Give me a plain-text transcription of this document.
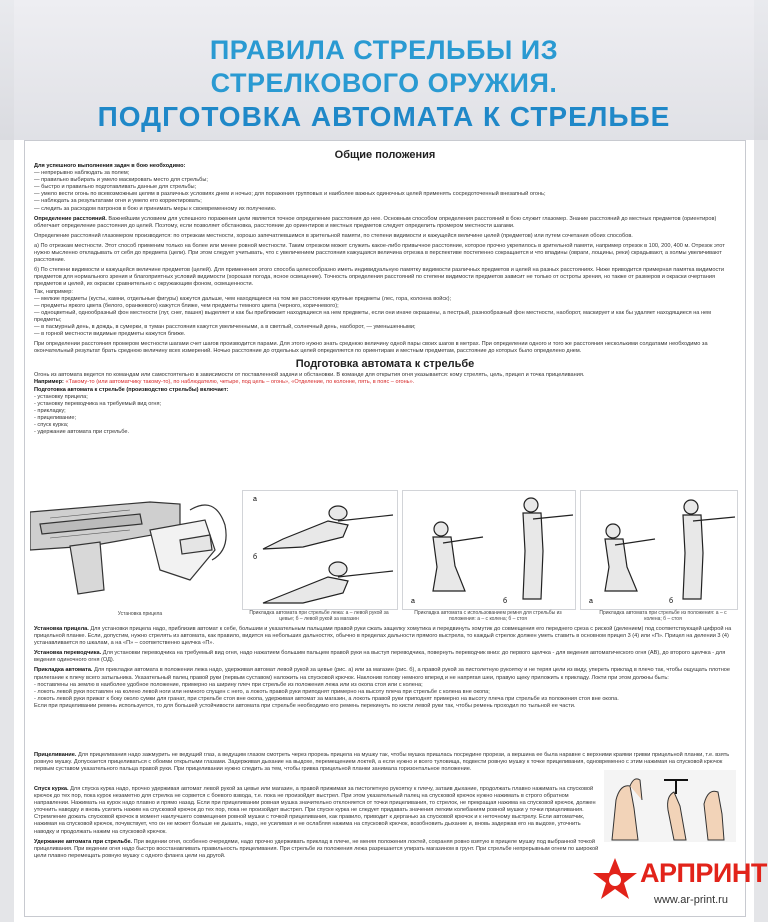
ПРАВИЛА СТРЕЛЬБЫ ИЗ
СТРЕЛКОВОГО ОРУЖИЯ.
ПОДГОТОВКА АВТОМАТА К СТРЕЛЬБЕ
Общие положения
Для успешного выполнения задач в бою необходимо:
— непрерывно наблюдать за полем;
— правильно выбирать и умело маскировать место для стрельбы;
— быстро и правильно подготавливать данные для стрельбы;
— умело вести огонь по всевозможным целям в различных условиях днем и ночью; для поражения групповых и наиболее важных одиночных целей применять сосредоточенный внезапный огонь;
— наблюдать за результатами огня и умело его корректировать;
— следить за расходом патронов в бою и принимать меры к своевременному их получению.
Определение расстояний. Важнейшим условием для успешного поражения цели является точное определение расстояния до нее. Основным способом определения расстояний в бою служит глазомер. Знание расстояний до местных предметов (ориентиров) облегчает определение расстояния до целей. Поэтому, если позволяет обстановка, расстояние до ориентиров и местных предметов следует определить промером местности шагами.
Определение расстояний глазомером производится: по отрезкам местности, хорошо запечатлевшимся в зрительной памяти, по степени видимости и кажущейся величине целей (предметов) или путем сочетания обоих способов.
а) По отрезкам местности. Этот способ применим только на более или менее ровной местности. Таким отрезком может служить какое-либо привычное расстояние, которое прочно укрепилось в зрительной памяти, например отрезок в 100, 200, 400 м. Отрезок этот нужно мысленно откладывать от себя до предмета (цели). При этом следует учитывать, что с увеличением расстояния кажущаяся величина отрезка в перспективе постепенно сокращается и что впадины (овраги, лощины, реки) скрадывают, а холмы увеличивают расстояние.
б) По степени видимости и кажущейся величине предметов (целей). Для применения этого способа целесообразно иметь индивидуальную памятку видимости различных предметов и целей на разных расстояниях. Ниже приводится примерная памятка видимости предметов для нормального зрения и благоприятных условий видимости (хорошая погода, ясное освещение). Точность определения расстояний по степени видимости предметов зависит не только от остроты зрения, но также от размеров и окраски очертания предметов и целей, их окраски сравнительно с окружающим фоном, освещенности.
Так, например:
— мелкие предметы (кусты, камни, отдельные фигуры) кажутся дальше, чем находящиеся на том же расстоянии крупные предметы (лес, гора, колонна войск);
— предметы яркого цвета (белого, оранжевого) кажутся ближе, чем предметы темного цвета (черного, коричневого);
— одноцветный, однообразный фон местности (луг, снег, пашня) выделяет и как бы приближает находящиеся на нем предметы, если они иначе окрашены, а пестрый, разнообразный фон местности, наоборот, маскирует и как бы удаляет находящиеся на нем предметы;
— в пасмурный день, в дождь, в сумерки, в туман расстояния кажутся увеличенными, а в светлый, солнечный день, наоборот, — уменьшенными;
— в горной местности видимые предметы кажутся ближе.
При определении расстояния промером местности шагами счет шагов производится парами. Для этого нужно знать среднюю величину одной пары своих шагов в метрах. При определении одного и того же расстояния несколькими солдатами необходимо за окончательный результат брать среднюю величину всех измерений. Ночью расстояние до отдельных целей определяется по ориентирам и местным предметам, расстояние до которых было определено днем.
Подготовка автомата к стрельбе
Огонь из автомата ведется по командам или самостоятельно в зависимости от поставленной задачи и обстановки. В команде для открытия огня указывается: кому стрелять, цель, прицел и точка прицеливания.
Например: «Такому-то (или автоматчику такому-то), по наблюдателю, четыре, под цель – огонь», «Отделение, по колонне, пять, в пояс – огонь».
Подготовка автомата к стрельбе (производство стрельбы) включает:
- установку прицела;
- установку переводчика на требуемый вид огня;
- прикладку;
- прицеливание;
- спуск курка;
- удержание автомата при стрельбе.
Установка прицела
а
б
Прикладка автомата при стрельбе лежа: а – левой рукой за цевье; б – левой рукой за магазин
а	б
Прикладка автомата с использованием ремня для стрельбы из положения: а – с колена; б – стоя
а	б
Прикладка автомата при стрельбе из положения: а – с колена; б – стоя
Установка прицела. Для установки прицела надо, приблизив автомат к себе, большим и указательным пальцами правой руки сжать защелку хомутика и передвинуть хомутик до совмещения его переднего среза с риской (делением) под соответствующей цифрой на прицельной планке. Если, допустим, нужно стрелять из автомата, как правило, видится на небольших дальностях, обычно в пределах дальности прямого выстрела, то каждый стрелок должен уметь ставить в основном прицел 3 (4) или «П». Прицел на делении 3 (4) устанавливается по шкалам, а на «П» – соответственно щелчка «П».
Установка переводчика. Для установки переводчика на требуемый вид огня, надо нажатием большим пальцем правой руки на выступ переводчика, повернуть переводчик вниз: до первого щелчка - для ведения автоматического огня (АВ), до второго щелчка - для ведения одиночного огня (ОД).
Прикладка автомата. Для прикладки автомата в положении лежа надо, удерживая автомат левой рукой за цевье (рис. а) или за магазин (рис. б), а правой рукой за пистолетную рукоятку и не теряя цели из виду, упереть приклад в плечо так, чтобы ощущать плотное прилегание к плечу всего затыльника. Указательный палец правой руки (первым суставом) наложить на спусковой крючок. Наклонив голову немного вперед и не напрягая шеи, правую щеку приложить к прикладу. Локти при этом должны быть:
- поставлены на землю в наиболее удобное положение, примерно на ширину плеч при стрельбе из положения лежа или из окопа стоя или с колена;
- локоть левой руки поставлен на колено левой ноги или немного спущен с него, а локоть правой руки приподнят примерно на высоту плеча при стрельбе с колена вне окопа;
- локоть левой руки прижат к боку около сумки для гранат, при стрельбе стоя вне окопа, удерживая автомат за магазин, а локоть правой руки приподнят примерно на высоту плеча при стрельбе из положения стоя вне окопа.
Если при прицеливании ремень используется, то для большей устойчивости автомата при стрельбе необходимо его ремень перекинуть по кисти левой руки так, чтобы ремень проходил по тыльной ее части.
Прицеливание. Для прицеливания надо зажмурить не ведущий глаз, а ведущим глазом смотреть через прорезь прицела на мушку так, чтобы мушка пришлась посредине прорези, а вершина ее была наравне с верхними краями гривки прицельной планки, т.е. взять ровную мушку. Допускается прицеливаться с обоими открытыми глазами. Задерживая дыхание на выдохе, перемещением локтей, а если нужно и всего туловища, подвести ровную мушку к точке прицеливания, одновременно с этим нажимая на спусковой крючок первым суставом указательного пальца правой руки. При прицеливании нужно следить за тем, чтобы гривка прицельной планки занимала горизонтальное положение.
Спуск курка. Для спуска курка надо, прочно удерживая автомат левой рукой за цевье или магазин, а правой прижимая за пистолетную рукоятку к плечу, затаив дыхание, продолжать плавно нажимать на спусковой крючок до тех пор, пока курок незаметно для стрелка не сорвется с боевого взвода, т.е. пока не произойдет выстрел. При этом указательный палец на спусковой крючок нужно нажимать в строго обратном направлении. Нажимать на курок надо плавно и прямо назад. Если при прицеливании ровная мушка значительно отклоняется от точки прицеливания, то стрелок, не прекращая нажима на спусковой крючок, должен уточнить наводку и вновь усилить нажим на спусковой крючок до тех пор, пока не произойдет выстрел. При спуске курка не следует придавать значения легким колебаниям ровной мушки у точки прицеливания. Стремление дожать спусковой крючок в момент наилучшего совмещения ровной мушки с точкой прицеливания, как правило, приводит к дерганью за спусковой крючок и к неточному выстрелу. Если автоматчик, нажимая на спусковой крючок, почувствует, что он не может больше не дышать, надо, не усиливая и не ослабляя нажима на спусковой крючок, возобновить дыхание и, вновь задержав его на выдохе, уточнить наводку и продолжать нажим на спусковой крючок.
Удержание автомата при стрельбе. При ведении огня, особенно очередями, надо прочно удерживать приклад в плече, не меняя положения локтей, сохраняя ровно взятую в прицеле мушку под выбранной точкой прицеливания. При ведении огня надо быстро восстанавливать правильность прицеливания. При стрельбе из положения лежа разрешается упирать магазином в грунт. При стрельбе непрерывным огнем по широкой цели плавно перемещать ровную мушку с одного фланга цели на другой.
АРПРИНТ
www.ar-print.ru
